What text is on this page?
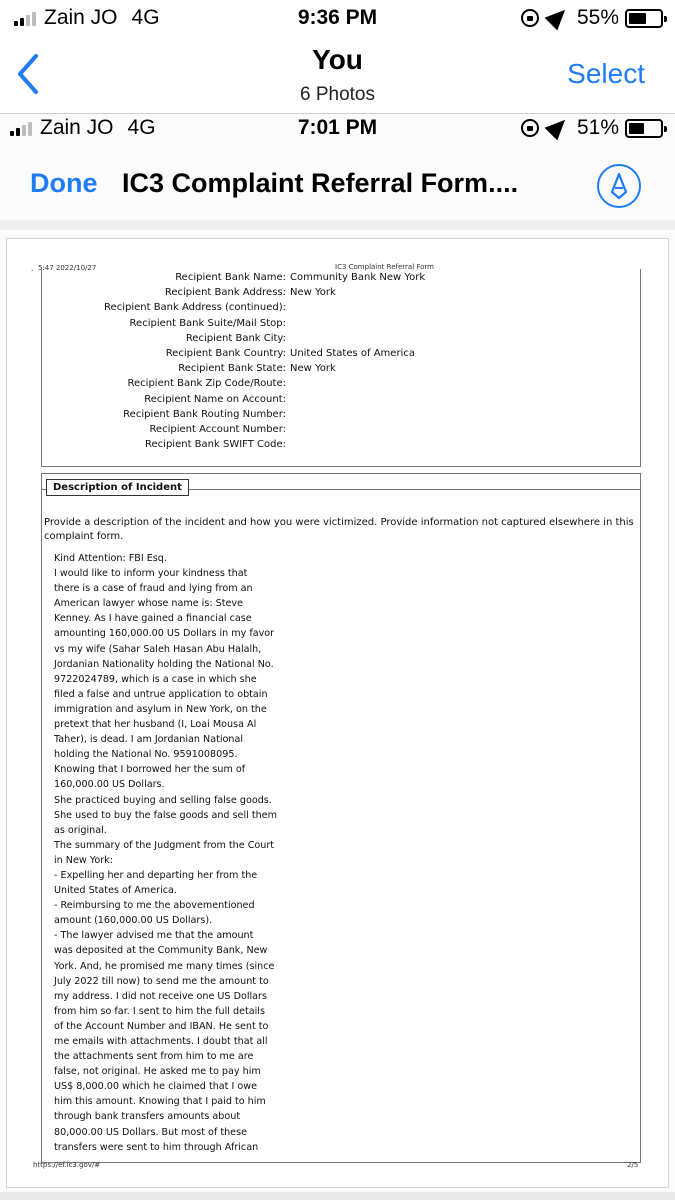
Zain JO 4G	9:36 PM	55%
You
6 Photos
Select
Zain JO 4G	7:01 PM	51%
Done IC3 Complaint Referral Form....
，5:47 2022/10/27	IC3 Complaint Referral Form
Recipient Bank Name: Community Bank New York
Recipient Bank Address: New York
Recipient Bank Address (continued):
Recipient Bank Suite/Mail Stop:
Recipient Bank City:
Recipient Bank Country: United States of America
Recipient Bank State: New York
Recipient Bank Zip Code/Route:
Recipient Name on Account:
Recipient Bank Routing Number:
Recipient Account Number:
Recipient Bank SWIFT Code:
Description of Incident
Provide a description of the incident and how you were victimized. Provide information not captured elsewhere in this complaint form.

Kind Attention: FBI Esq.

I would like to inform your kindness that

there is a case of fraud and lying from an

American lawyer whose name is: Steve

Kenney. As I have gained a financial case

amounting 160,000.00 US Dollars in my favor

vs my wife (Sahar Saleh Hasan Abu Halalh,

Jordanian Nationality holding the National No.

9722024789, which is a case in which she

filed a false and untrue application to obtain

immigration and asylum in New York, on the

pretext that her husband (I, Loai Mousa Al

Taher), is dead. I am Jordanian National

holding the National No. 9591008095.

Knowing that I borrowed her the sum of

160,000.00 US Dollars.

She practiced buying and selling false goods.

She used to buy the false goods and sell them

as original.

The summary of the Judgment from the Court

in New York:

- Expelling her and departing her from the

United States of America.

- Reimbursing to me the abovementioned

amount (160,000.00 US Dollars).

- The lawyer advised me that the amount

was deposited at the Community Bank, New

York. And, he promised me many times (since

July 2022 till now) to send me the amount to

my address. I did not receive one US Dollars

from him so far. I sent to him the full details

of the Account Number and IBAN. He sent to

me emails with attachments. I doubt that all

the attachments sent from him to me are

false, not original. He asked me to pay him

US$ 8,000.00 which he claimed that I owe

him this amount. Knowing that I paid to him

through bank transfers amounts about

80,000.00 US Dollars. But most of these

transfers were sent to him through African

https://ef.ic3.gov/#	2/5
